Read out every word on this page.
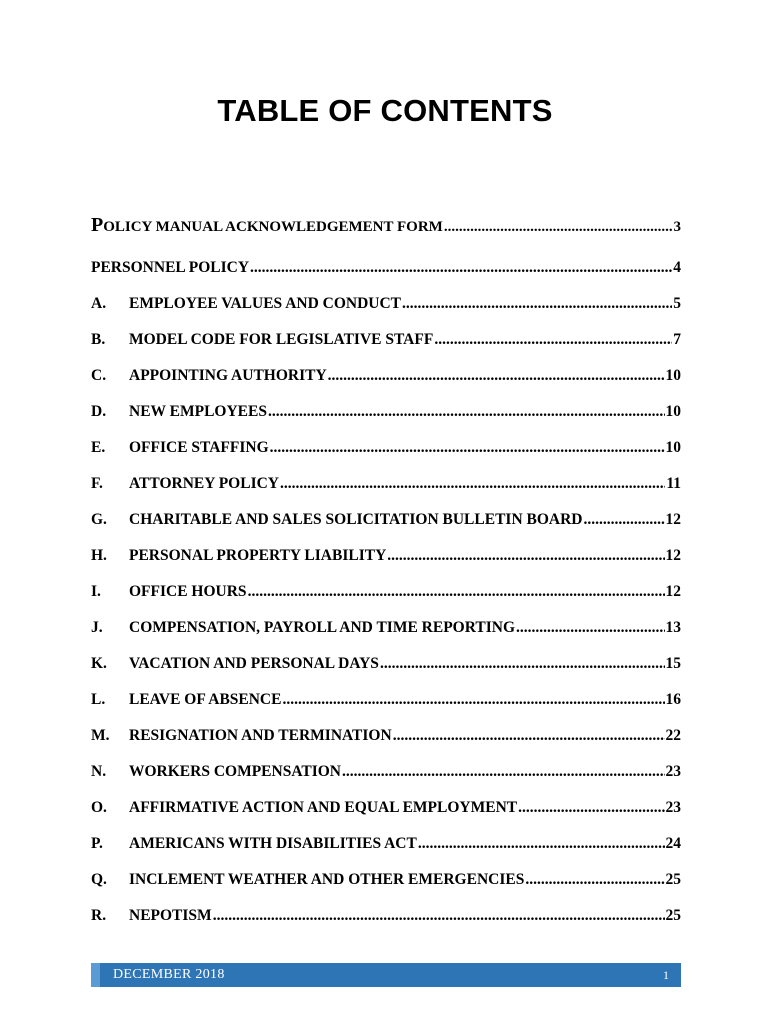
TABLE OF CONTENTS
POLICY MANUAL ACKNOWLEDGEMENT FORM .....	3
PERSONNEL POLICY .....	4
A.	EMPLOYEE VALUES AND CONDUCT .....	5
B.	MODEL CODE FOR LEGISLATIVE STAFF .....	7
C.	APPOINTING AUTHORITY .....	10
D.	NEW EMPLOYEES .....	10
E.	OFFICE STAFFING .....	10
F.	ATTORNEY POLICY .....	11
G.	CHARITABLE AND SALES SOLICITATION BULLETIN BOARD .....	12
H.	PERSONAL PROPERTY LIABILITY .....	12
I.	OFFICE HOURS .....	12
J.	COMPENSATION, PAYROLL AND TIME REPORTING .....	13
K.	VACATION AND PERSONAL DAYS .....	15
L.	LEAVE OF ABSENCE .....	16
M.	RESIGNATION AND TERMINATION .....	22
N.	WORKERS COMPENSATION .....	23
O.	AFFIRMATIVE ACTION AND EQUAL EMPLOYMENT .....	23
P.	AMERICANS WITH DISABILITIES ACT .....	24
Q.	INCLEMENT WEATHER AND OTHER EMERGENCIES .....	25
R.	NEPOTISM .....	25
DECEMBER 2018	1
